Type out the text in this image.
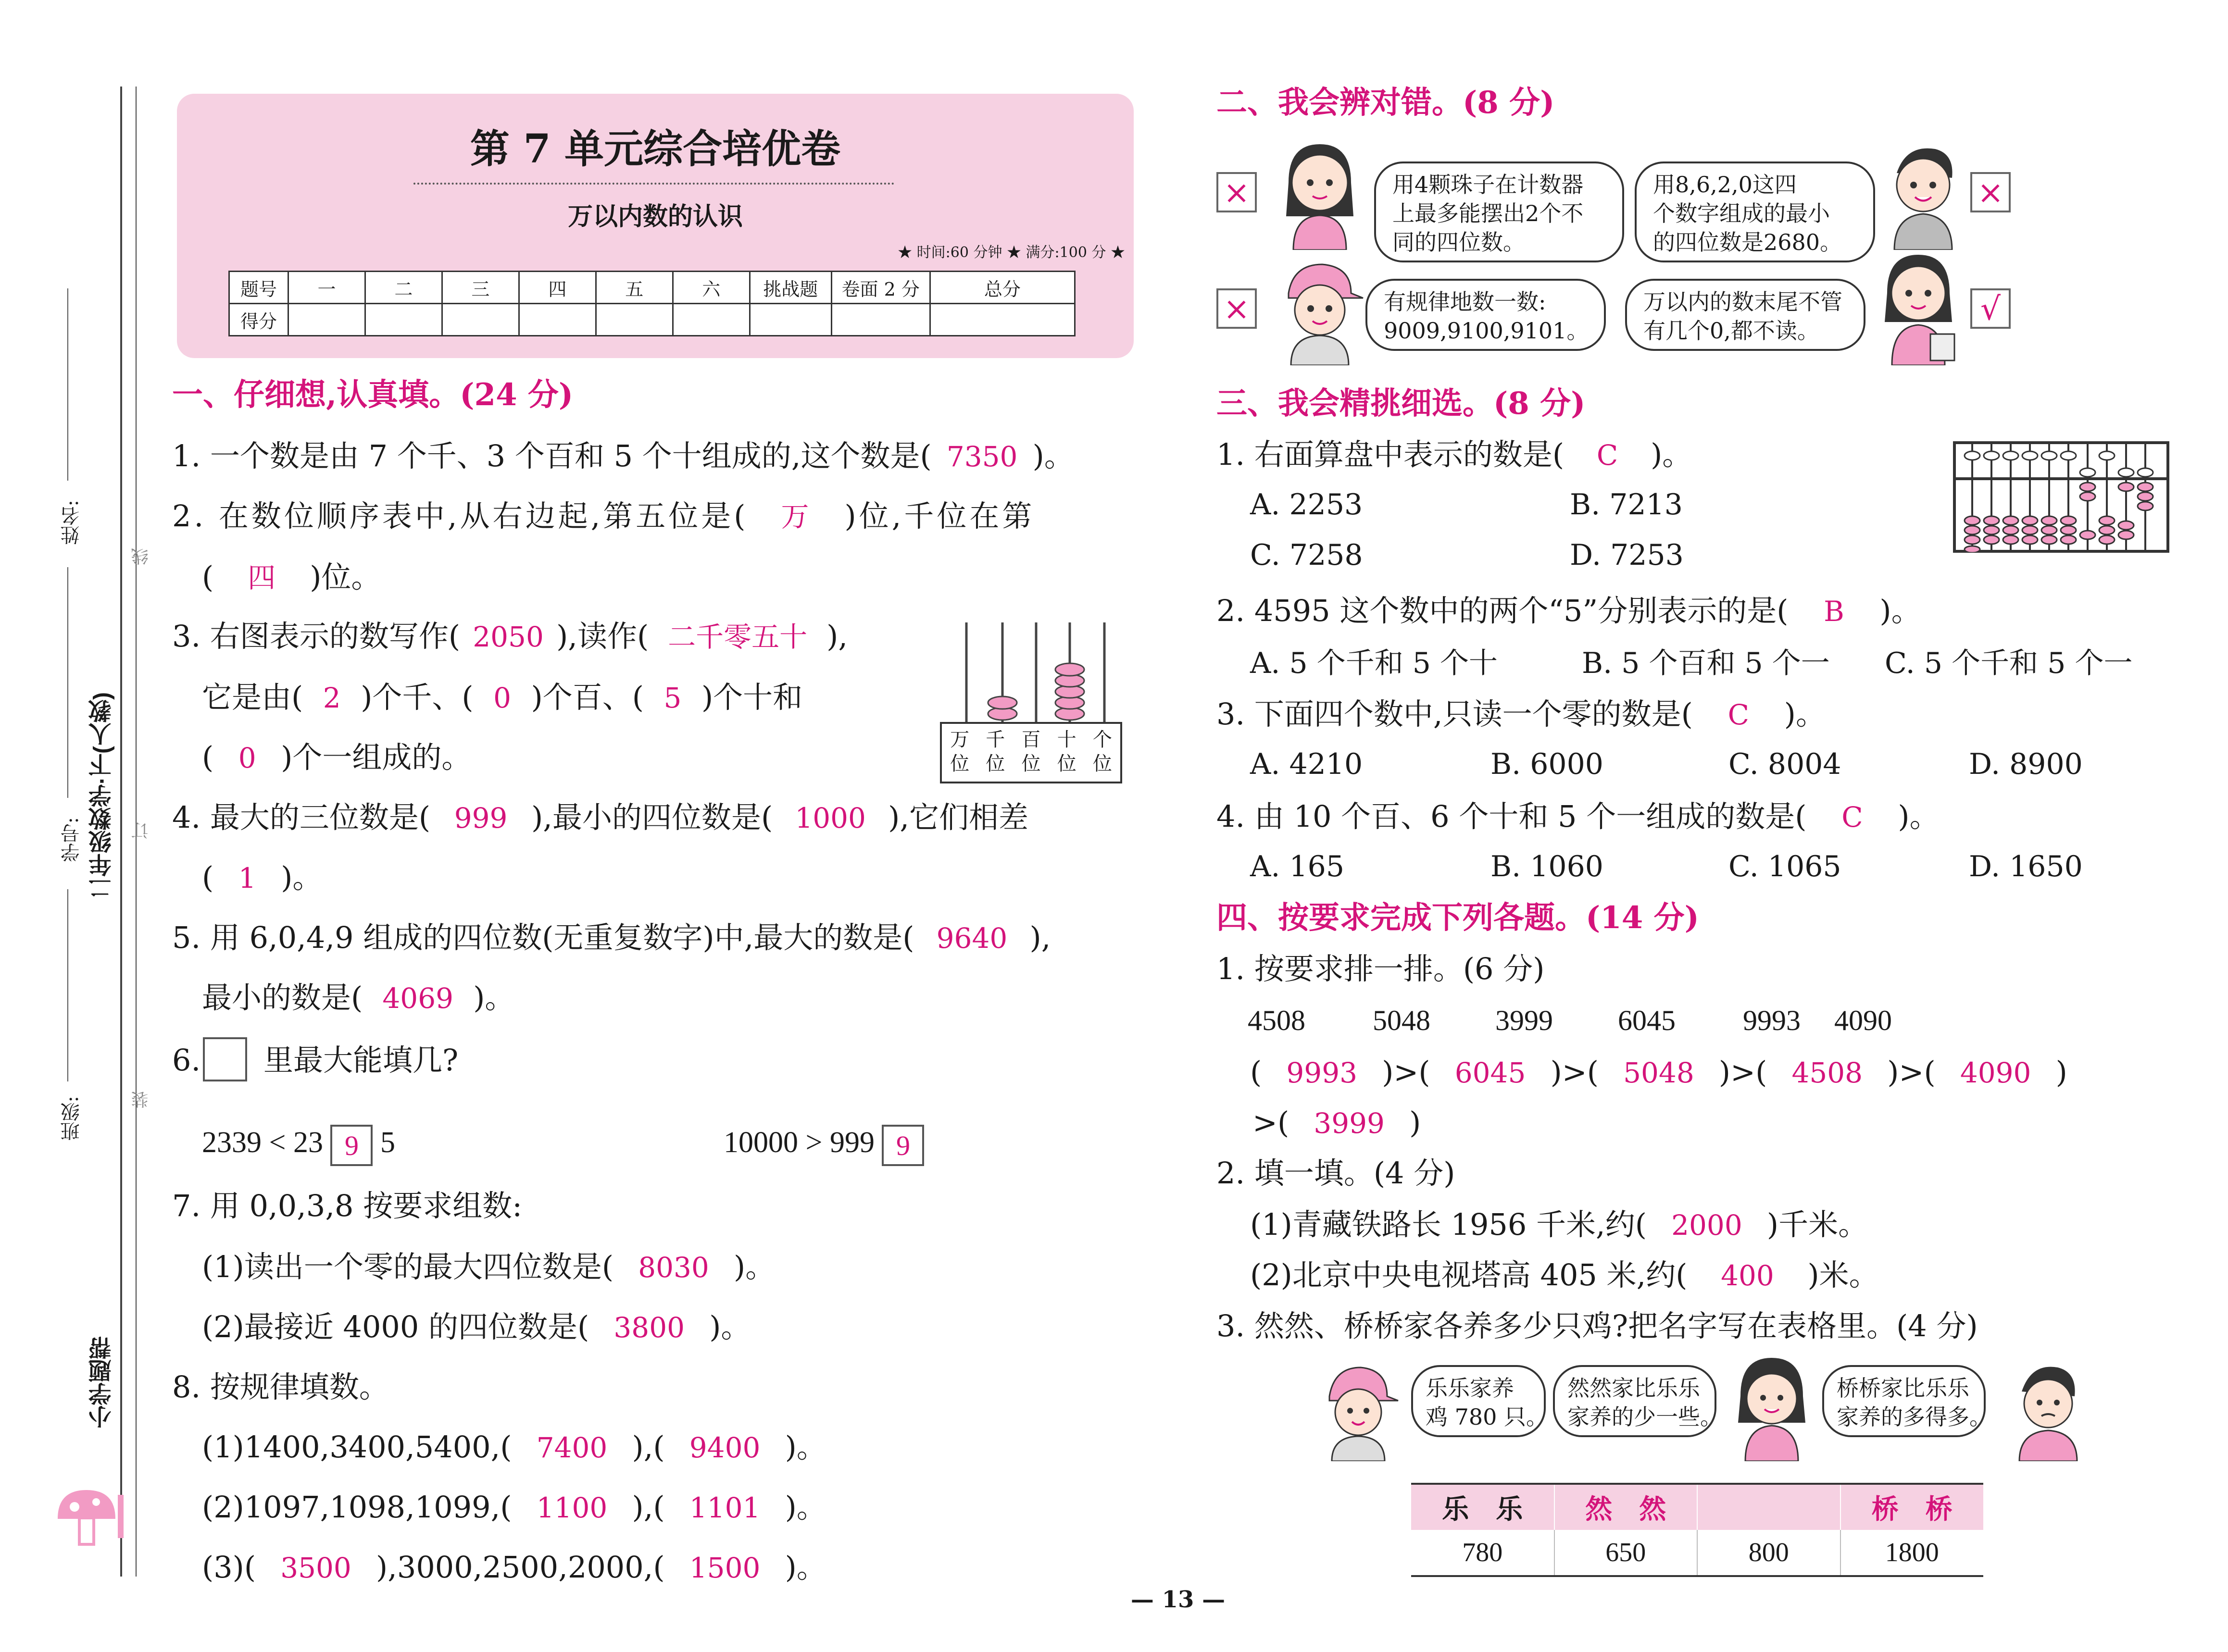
班级:
学号:
姓名:
二年级数学·下(人教)
小学题帮
线
订
装
第 7 单元综合培优卷
万以内数的认识
★ 时间:60 分钟 ★ 满分:100 分 ★
题号	一	二	三	四	五	六	挑战题	卷面 2 分	总分
得分									
一、仔细想,认真填。(24 分)
1. 一个数是由 7 个千、3 个百和 5 个十组成的,这个数是( 7350 )。
2. 在数位顺序表中,从右边起,第五位是( 万 )位,千位在第
( 四 )位。
3. 右图表示的数写作( 2050 ),读作( 二千零五十 ),
它是由( 2 )个千、( 0 )个百、( 5 )个十和
( 0 )个一组成的。	万位
千位
百位
十位
个位
4. 最大的三位数是( 999 ),最小的四位数是( 1000 ),它们相差
( 1 )。
5. 用 6,0,4,9 组成的四位数(无重复数字)中,最大的数是( 9640 ),
最小的数是( 4069 )。
6. 里最大能填几?
2339 < 23 9 5	10000 > 999 9
7. 用 0,0,3,8 按要求组数:
(1)读出一个零的最大四位数是( 8030 )。
(2)最接近 4000 的四位数是( 3800 )。
8. 按规律填数。
(1)1400,3400,5400,( 7400 ),( 9400 )。
(2)1097,1098,1099,( 1100 ),( 1101 )。
(3)( 3500 ),3000,2500,2000,( 1500 )。
二、我会辨对错。(8 分)
×	用4颗珠子在计数器
上最多能摆出2个不
同的四位数。
用8,6,2,0这四
个数字组成的最小
的四位数是2680。
×
×	有规律地数一数:
9009,9100,9101。
万以内的数末尾不管
有几个0,都不读。
√
三、我会精挑细选。(8 分)
1. 右面算盘中表示的数是( C )。
A. 2253	B. 7213
C. 7258	D. 7253
2. 4595 这个数中的两个“5”分别表示的是( B )。
A. 5 个千和 5 个十	B. 5 个百和 5 个一 C. 5 个千和 5 个一
3. 下面四个数中,只读一个零的数是( C )。
A. 4210	B. 6000	C. 8004	D. 8900
4. 由 10 个百、6 个十和 5 个一组成的数是( C )。
A. 165	B. 1060	C. 1065	D. 1650
四、按要求完成下列各题。(14 分)
1. 按要求排一排。(6 分)
4508 5048 3999 6045 9993 4090
( 9993 )>( 6045 )>( 5048 )>( 4508 )>( 4090 )
>( 3999 )
2. 填一填。(4 分)
(1)青藏铁路长 1956 千米,约( 2000 )千米。
(2)北京中央电视塔高 405 米,约( 400 )米。
3. 然然、桥桥家各养多少只鸡?把名字写在表格里。(4 分)
乐乐家养
鸡 780 只。
然然家比乐乐
家养的少一些。
桥桥家比乐乐
家养的多得多。
乐　乐	然　然		桥　桥
780	650	800	1800
— 13 —
